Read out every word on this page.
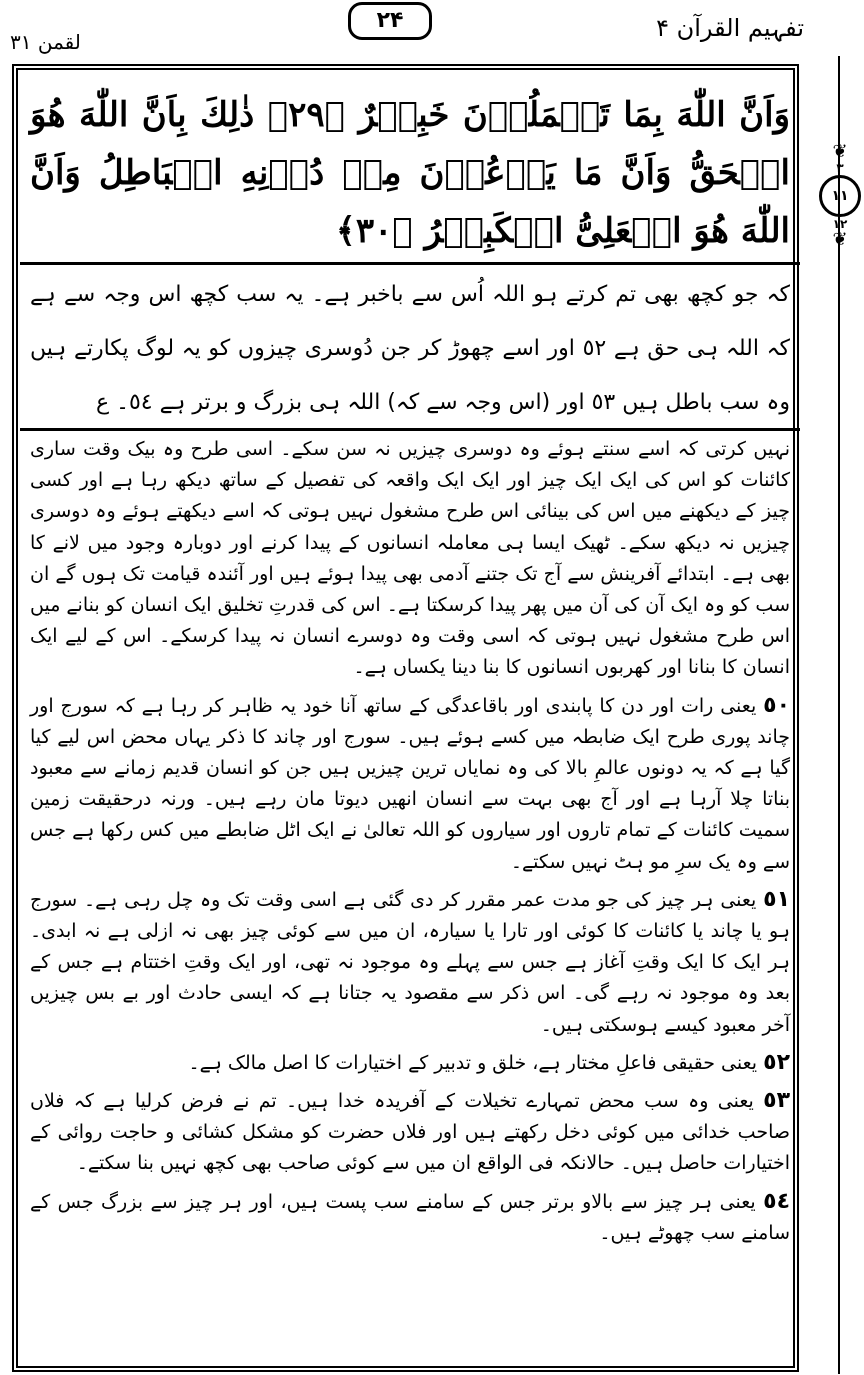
لقمن ۳۱
۲۴	تفہیم القرآن ۴
❦
۳
۱۱
۱۲
❦
وَاَنَّ اللّٰهَ بِمَا تَعۡمَلُوۡنَ خَبِيۡرٌ ﴿۲۹﴾ ذٰلِكَ بِاَنَّ اللّٰهَ هُوَ الۡحَقُّ وَاَنَّ مَا يَدۡعُوۡنَ مِنۡ دُوۡنِهِ الۡبَاطِلُ وَاَنَّ اللّٰهَ هُوَ الۡعَلِىُّ الۡكَبِيۡرُ ﴿۳۰﴾
کہ جو کچھ بھی تم کرتے ہو اللہ اُس سے باخبر ہے۔ یہ سب کچھ اس وجہ سے ہے کہ اللہ ہی حق ہے ٥٢ اور اسے چھوڑ کر جن دُوسری چیزوں کو یہ لوگ پکارتے ہیں وہ سب باطل ہیں ٥٣ اور (اس وجہ سے کہ) اللہ ہی بزرگ و برتر ہے ٥٤۔ ع

نہیں کرتی کہ اسے سنتے ہوئے وہ دوسری چیزیں نہ سن سکے۔ اسی طرح وہ بیک وقت ساری کائنات کو اس کی ایک ایک چیز اور ایک ایک واقعہ کی تفصیل کے ساتھ دیکھ رہا ہے اور کسی چیز کے دیکھنے میں اس کی بینائی اس طرح مشغول نہیں ہوتی کہ اسے دیکھتے ہوئے وہ دوسری چیزیں نہ دیکھ سکے۔ ٹھیک ایسا ہی معاملہ انسانوں کے پیدا کرنے اور دوبارہ وجود میں لانے کا بھی ہے۔ ابتدائے آفرینش سے آج تک جتنے آدمی بھی پیدا ہوئے ہیں اور آئندہ قیامت تک ہوں گے ان سب کو وہ ایک آن کی آن میں پھر پیدا کرسکتا ہے۔ اس کی قدرتِ تخلیق ایک انسان کو بنانے میں اس طرح مشغول نہیں ہوتی کہ اسی وقت وہ دوسرے انسان نہ پیدا کرسکے۔ اس کے لیے ایک انسان کا بنانا اور کھربوں انسانوں کا بنا دینا یکساں ہے۔

٥٠ یعنی رات اور دن کا پابندی اور باقاعدگی کے ساتھ آنا خود یہ ظاہر کر رہا ہے کہ سورج اور چاند پوری طرح ایک ضابطہ میں کسے ہوئے ہیں۔ سورج اور چاند کا ذکر یہاں محض اس لیے کیا گیا ہے کہ یہ دونوں عالمِ بالا کی وہ نمایاں ترین چیزیں ہیں جن کو انسان قدیم زمانے سے معبود بناتا چلا آرہا ہے اور آج بھی بہت سے انسان انھیں دیوتا مان رہے ہیں۔ ورنہ درحقیقت زمین سمیت کائنات کے تمام تاروں اور سیاروں کو اللہ تعالیٰ نے ایک اٹل ضابطے میں کس رکھا ہے جس سے وہ یک سرِ مو ہٹ نہیں سکتے۔

٥١ یعنی ہر چیز کی جو مدت عمر مقرر کر دی گئی ہے اسی وقت تک وہ چل رہی ہے۔ سورج ہو یا چاند یا کائنات کا کوئی اور تارا یا سیارہ، ان میں سے کوئی چیز بھی نہ ازلی ہے نہ ابدی۔ ہر ایک کا ایک وقتِ آغاز ہے جس سے پہلے وہ موجود نہ تھی، اور ایک وقتِ اختتام ہے جس کے بعد وہ موجود نہ رہے گی۔ اس ذکر سے مقصود یہ جتانا ہے کہ ایسی حادث اور بے بس چیزیں آخر معبود کیسے ہوسکتی ہیں۔

٥٢ یعنی حقیقی فاعلِ مختار ہے، خلق و تدبیر کے اختیارات کا اصل مالک ہے۔

٥٣ یعنی وہ سب محض تمہارے تخیلات کے آفریدہ خدا ہیں۔ تم نے فرض کرلیا ہے کہ فلاں صاحب خدائی میں کوئی دخل رکھتے ہیں اور فلاں حضرت کو مشکل کشائی و حاجت روائی کے اختیارات حاصل ہیں۔ حالانکہ فی الواقع ان میں سے کوئی صاحب بھی کچھ نہیں بنا سکتے۔

٥٤ یعنی ہر چیز سے بالاو برتر جس کے سامنے سب پست ہیں، اور ہر چیز سے بزرگ جس کے سامنے سب چھوٹے ہیں۔
